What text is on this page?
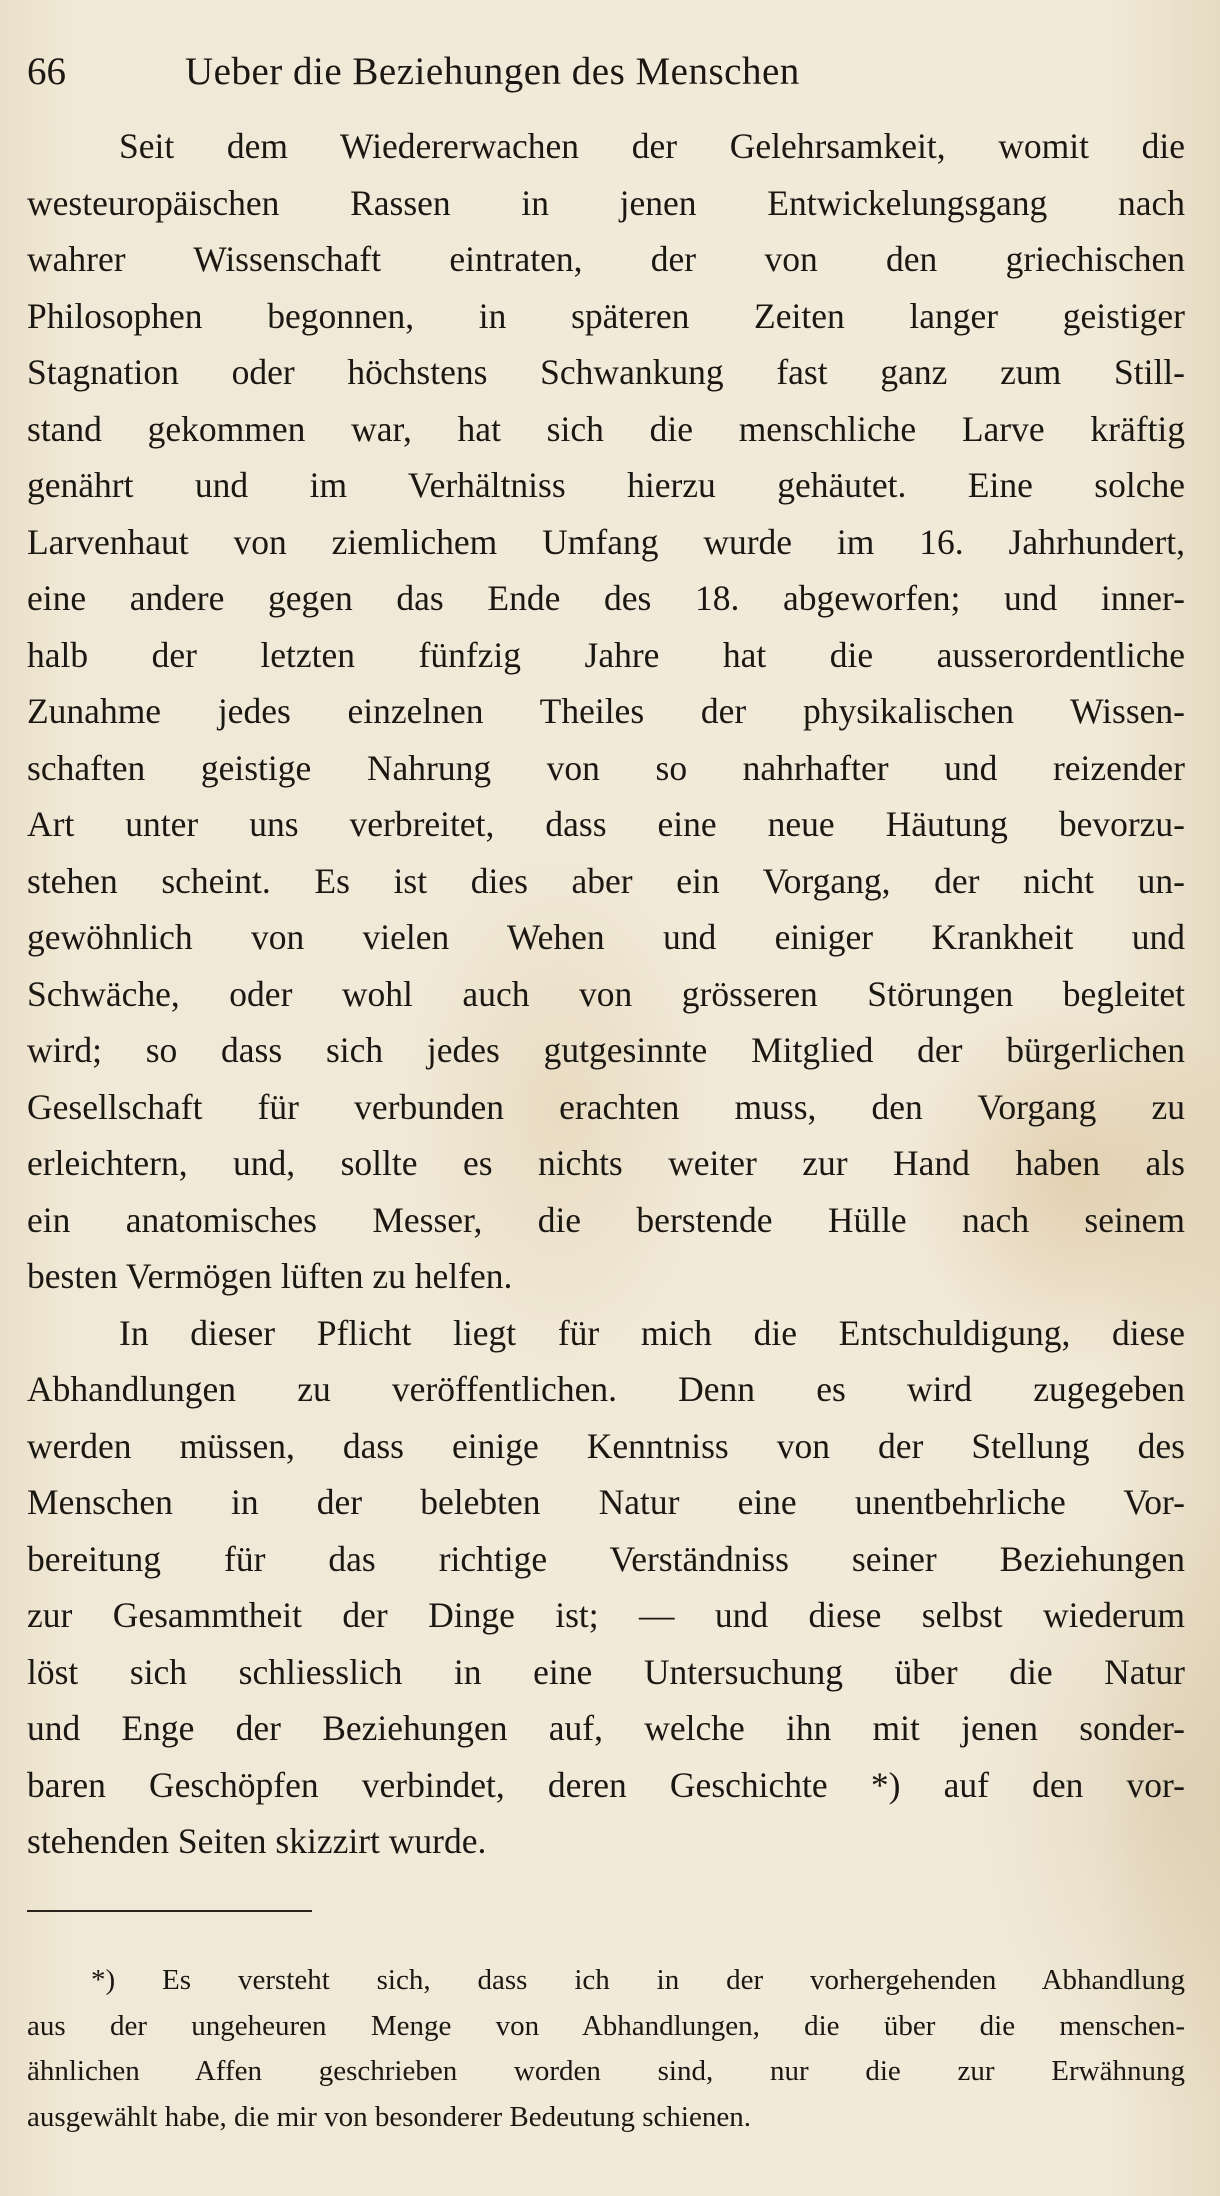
66	Ueber die Beziehungen des Menschen
Seit dem Wiedererwachen der Gelehrsamkeit, womit die
westeuropäischen Rassen in jenen Entwickelungsgang nach
wahrer Wissenschaft eintraten, der von den griechischen
Philosophen begonnen, in späteren Zeiten langer geistiger
Stagnation oder höchstens Schwankung fast ganz zum Still-
stand gekommen war, hat sich die menschliche Larve kräftig
genährt und im Verhältniss hierzu gehäutet. Eine solche
Larvenhaut von ziemlichem Umfang wurde im 16. Jahrhundert,
eine andere gegen das Ende des 18. abgeworfen; und inner-
halb der letzten fünfzig Jahre hat die ausserordentliche
Zunahme jedes einzelnen Theiles der physikalischen Wissen-
schaften geistige Nahrung von so nahrhafter und reizender
Art unter uns verbreitet, dass eine neue Häutung bevorzu-
stehen scheint. Es ist dies aber ein Vorgang, der nicht un-
gewöhnlich von vielen Wehen und einiger Krankheit und
Schwäche, oder wohl auch von grösseren Störungen begleitet
wird; so dass sich jedes gutgesinnte Mitglied der bürgerlichen
Gesellschaft für verbunden erachten muss, den Vorgang zu
erleichtern, und, sollte es nichts weiter zur Hand haben als
ein anatomisches Messer, die berstende Hülle nach seinem
besten Vermögen lüften zu helfen.
In dieser Pflicht liegt für mich die Entschuldigung, diese
Abhandlungen zu veröffentlichen. Denn es wird zugegeben
werden müssen, dass einige Kenntniss von der Stellung des
Menschen in der belebten Natur eine unentbehrliche Vor-
bereitung für das richtige Verständniss seiner Beziehungen
zur Gesammtheit der Dinge ist; — und diese selbst wiederum
löst sich schliesslich in eine Untersuchung über die Natur
und Enge der Beziehungen auf, welche ihn mit jenen sonder-
baren Geschöpfen verbindet, deren Geschichte *) auf den vor-
stehenden Seiten skizzirt wurde.
*) Es versteht sich, dass ich in der vorhergehenden Abhandlung
aus der ungeheuren Menge von Abhandlungen, die über die menschen-
ähnlichen Affen geschrieben worden sind, nur die zur Erwähnung
ausgewählt habe, die mir von besonderer Bedeutung schienen.
